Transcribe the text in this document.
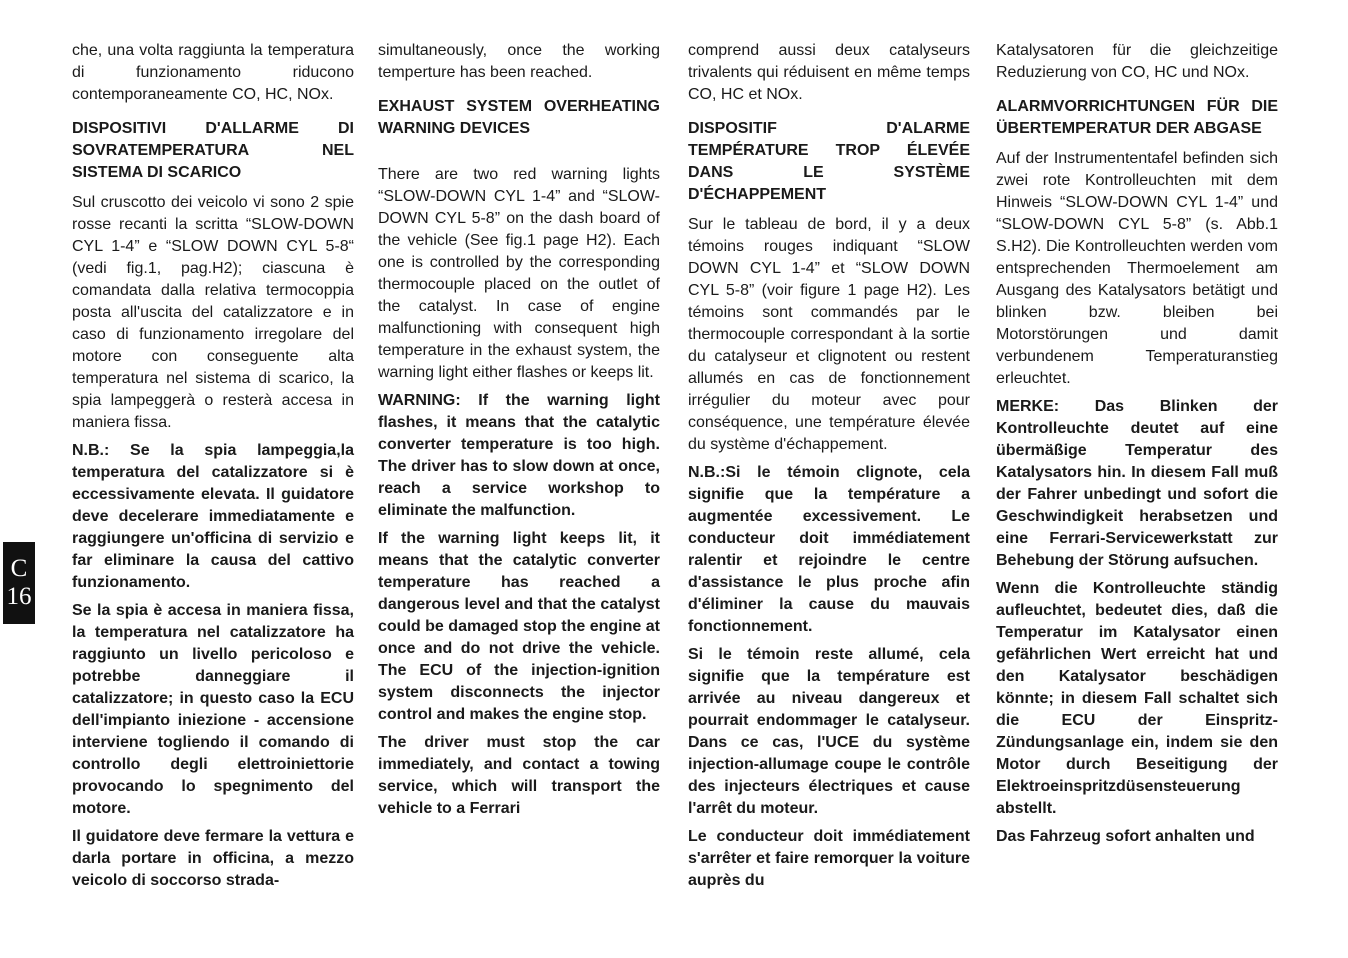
che, una volta raggiunta la temperatura di funzionamento riducono contemporaneamente CO, HC, NOx.

DISPOSITIVI D'ALLARME DI SOVRATEMPERATURA NEL SISTEMA DI SCARICO

Sul cruscotto dei veicolo vi sono 2 spie rosse recanti la scritta “SLOW-DOWN CYL 1-4” e “SLOW DOWN CYL 5-8“ (vedi fig.1, pag.H2); ciascuna è comandata dalla relativa termocoppia posta all'uscita del catalizzatore e in caso di funzionamento irregolare del motore con conseguente alta temperatura nel sistema di scarico, la spia lampeggerà o resterà accesa in maniera fissa.

N.B.: Se la spia lampeggia,la temperatura del catalizzatore si è eccessivamente elevata. Il guidatore deve decelerare immediatamente e raggiungere un'officina di servizio e far eliminare la causa del cattivo funzionamento.

Se la spia è accesa in maniera fissa, la temperatura nel catalizzatore ha raggiunto un livello pericoloso e potrebbe danneggiare il catalizzatore; in questo caso la ECU dell'impianto iniezione - accensione interviene togliendo il comando di controllo degli elettroiniettorie provocando lo spegnimento del motore.

Il guidatore deve fermare la vettura e darla portare in officina, a mezzo veicolo di soccorso strada-

simultaneously, once the working temperture has been reached.

EXHAUST SYSTEM OVERHEATING WARNING DEVICES

There are two red warning lights “SLOW-DOWN CYL 1-4” and “SLOW-DOWN CYL 5-8” on the dash board of the vehicle (See fig.1 page H2). Each one is controlled by the corresponding thermocouple placed on the outlet of the catalyst. In case of engine malfunctioning with consequent high temperature in the exhaust system, the warning light either flashes or keeps lit.

WARNING: If the warning light flashes, it means that the catalytic converter temperature is too high. The driver has to slow down at once, reach a service workshop to eliminate the malfunction.

If the warning light keeps lit, it means that the catalytic converter temperature has reached a dangerous level and that the catalyst could be damaged stop the engine at once and do not drive the vehicle. The ECU of the injection-ignition system disconnects the injector control and makes the engine stop.

The driver must stop the car immediately, and contact a towing service, which will transport the vehicle to a Ferrari

comprend aussi deux catalyseurs trivalents qui réduisent en même temps CO, HC et NOx.

DISPOSITIF D'ALARME TEMPÉRATURE TROP ÉLEVÉE DANS LE SYSTÈME D'ÉCHAPPEMENT

Sur le tableau de bord, il y a deux témoins rouges indiquant “SLOW DOWN CYL 1-4” et “SLOW DOWN CYL 5-8” (voir figure 1 page H2). Les témoins sont commandés par le thermocouple correspondant à la sortie du catalyseur et clignotent ou restent allumés en cas de fonctionnement irrégulier du moteur avec pour conséquence, une température élevée du système d'échappement.

N.B.:Si le témoin clignote, cela signifie que la température a augmentée excessivement. Le conducteur doit immédiatement ralentir et rejoindre le centre d'assistance le plus proche afin d'éliminer la cause du mauvais fonctionnement.

Si le témoin reste allumé, cela signifie que la température est arrivée au niveau dangereux et pourrait endommager le catalyseur. Dans ce cas, l'UCE du système injection-allumage coupe le contrôle des injecteurs électriques et cause l'arrêt du moteur.

Le conducteur doit immédiatement s'arrêter et faire remorquer la voiture auprès du

Katalysatoren für die gleichzeitige Reduzierung von CO, HC und NOx.

ALARMVORRICHTUNGEN FÜR DIE ÜBERTEMPERATUR DER ABGASE

Auf der Instrumententafel befinden sich zwei rote Kontrolleuchten mit dem Hinweis “SLOW-DOWN CYL 1-4” und “SLOW-DOWN CYL 5-8” (s. Abb.1 S.H2). Die Kontrolleuchten werden vom entsprechenden Thermoelement am Ausgang des Katalysators betätigt und blinken bzw. bleiben bei Motorstörungen und damit verbundenem Temperaturanstieg erleuchtet.

MERKE: Das Blinken der Kontrolleuchte deutet auf eine übermäßige Temperatur des Katalysators hin. In diesem Fall muß der Fahrer unbedingt und sofort die Geschwindigkeit herabsetzen und eine Ferrari-Servicewerkstatt zur Behebung der Störung aufsuchen.

Wenn die Kontrolleuchte ständig aufleuchtet, bedeutet dies, daß die Temperatur im Katalysator einen gefährlichen Wert erreicht hat und den Katalysator beschädigen könnte; in diesem Fall schaltet sich die ECU der Einspritz-Zündungsanlage ein, indem sie den Motor durch Beseitigung der Elektroeinspritzdüsensteuerung abstellt.

Das Fahrzeug sofort anhalten und

C
16
